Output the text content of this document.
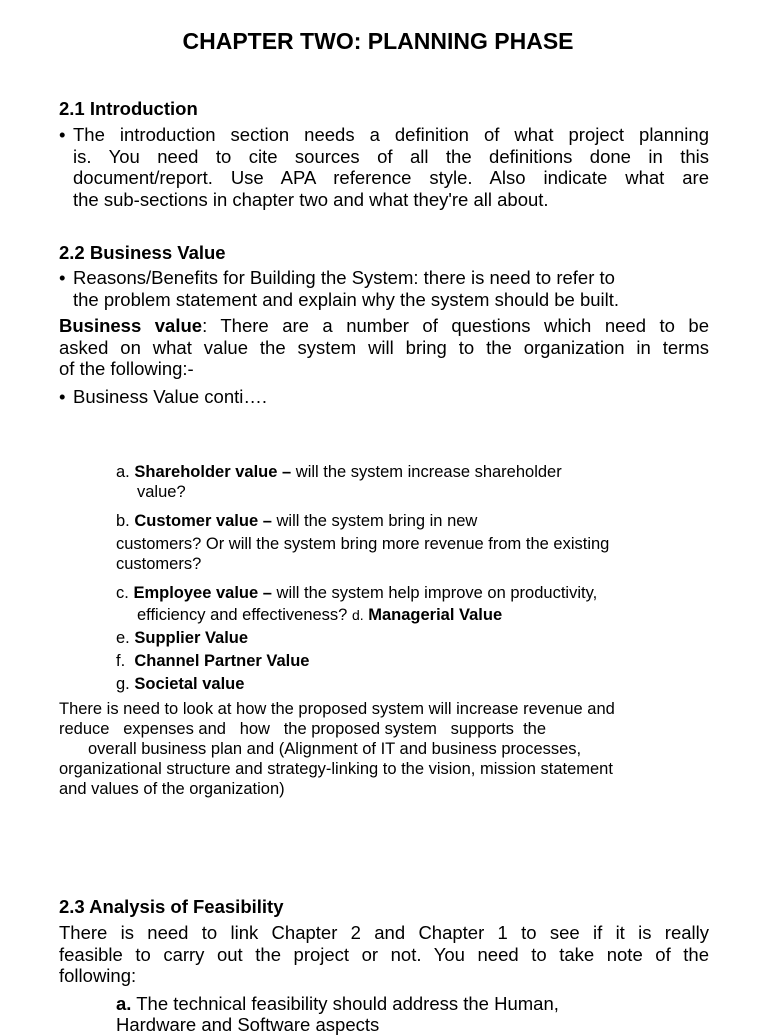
CHAPTER TWO: PLANNING PHASE
2.1 Introduction
• The introduction section needs a definition of what project planning
is. You need to cite sources of all the definitions done in this
document/report. Use APA reference style. Also indicate what are
the sub-sections in chapter two and what they're all about.
2.2 Business Value
• Reasons/Benefits for Building the System: there is need to refer to
the problem statement and explain why the system should be built.
Business value: There are a number of questions which need to be
asked on what value the system will bring to the organization in terms
of the following:-
• Business Value conti….
a. Shareholder value – will the system increase shareholder
value?
b. Customer value – will the system bring in new
customers? Or will the system bring more revenue from the existing
customers?
c. Employee value – will the system help improve on productivity,
efficiency and effectiveness? d. Managerial Value
e. Supplier Value
f. Channel Partner Value
g. Societal value
There is need to look at how the proposed system will increase revenue and
reduce   expenses and   how   the proposed system   supports  the
overall business plan and (Alignment of IT and business processes,
organizational structure and strategy-linking to the vision, mission statement
and values of the organization)
2.3 Analysis of Feasibility
There is need to link Chapter 2 and Chapter 1 to see if it is really
feasible to carry out the project or not. You need to take note of the
following:
a. The technical feasibility should address the Human,
Hardware and Software aspects
